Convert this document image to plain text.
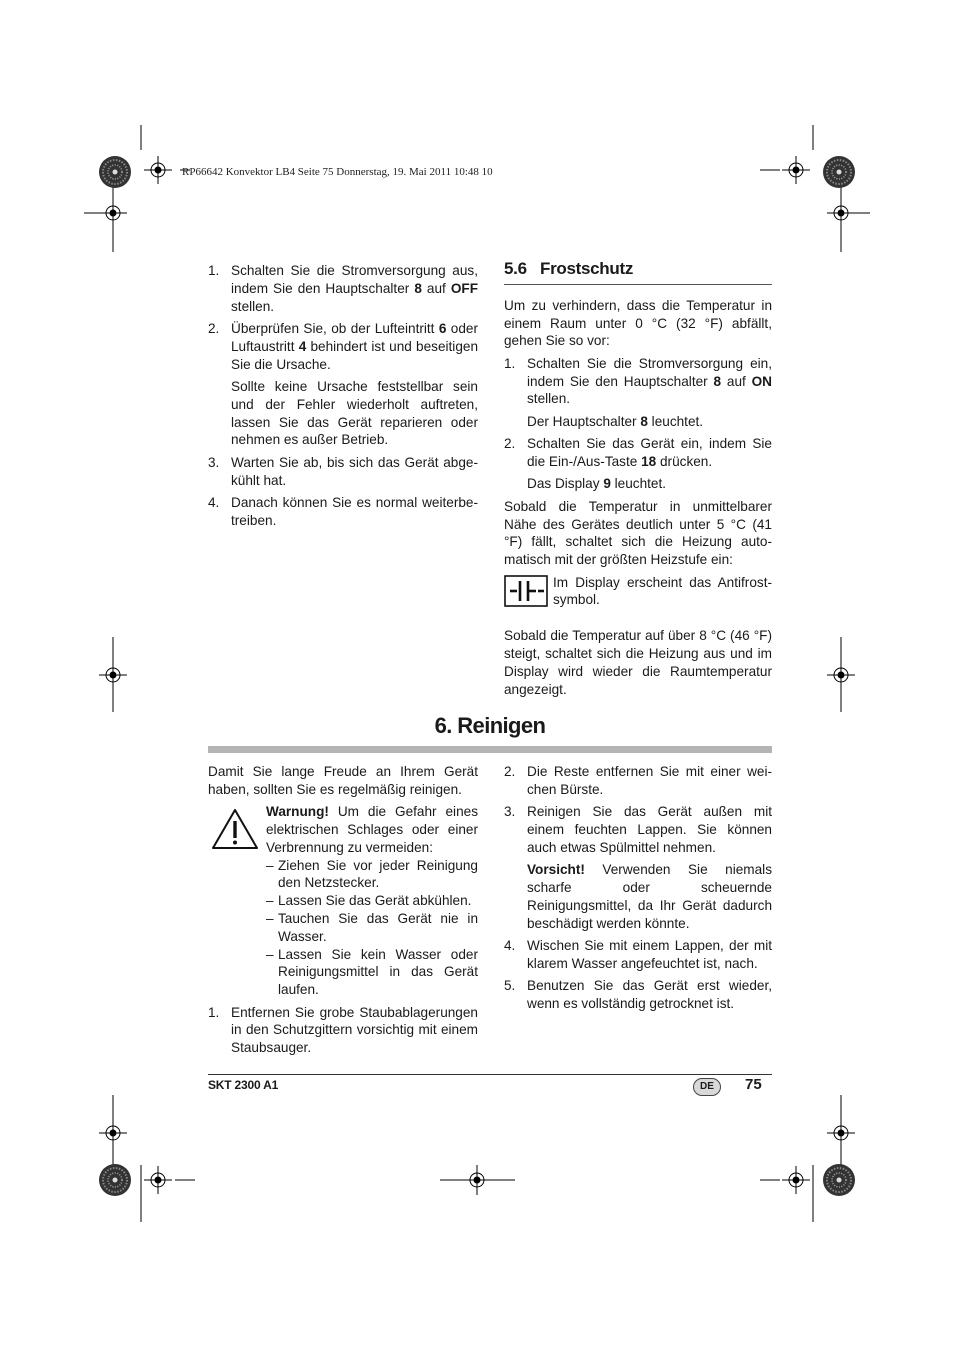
RP66642 Konvektor LB4 Seite 75 Donnerstag, 19. Mai 2011 10:48 10
1. Schalten Sie die Stromversorgung aus, indem Sie den Hauptschalter 8 auf OFF stellen.
2. Überprüfen Sie, ob der Lufteintritt 6 oder Luftaustritt 4 behindert ist und beseitigen Sie die Ursache.
Sollte keine Ursache feststellbar sein und der Fehler wiederholt auftreten, lassen Sie das Gerät reparieren oder nehmen es außer Betrieb.
3. Warten Sie ab, bis sich das Gerät abge-kühlt hat.
4. Danach können Sie es normal weiterbe-treiben.
5.6 Frostschutz

Um zu verhindern, dass die Temperatur in einem Raum unter 0 °C (32 °F) abfällt, gehen Sie so vor:

1. Schalten Sie die Stromversorgung ein, indem Sie den Hauptschalter 8 auf ON stellen.
Der Hauptschalter 8 leuchtet.
2. Schalten Sie das Gerät ein, indem Sie die Ein-/Aus-Taste 18 drücken.
Das Display 9 leuchtet.

Sobald die Temperatur in unmittelbarer Nähe des Gerätes deutlich unter 5 °C (41 °F) fällt, schaltet sich die Heizung auto-matisch mit der größten Heizstufe ein:

Im Display erscheint das Antifrost-symbol.

Sobald die Temperatur auf über 8 °C (46 °F) steigt, schaltet sich die Heizung aus und im Display wird wieder die Raumtemperatur angezeigt.

6. Reinigen

Damit Sie lange Freude an Ihrem Gerät haben, sollten Sie es regelmäßig reinigen.

Warnung! Um die Gefahr eines elektrischen Schlages oder einer Verbrennung zu vermeiden:
– Ziehen Sie vor jeder Reinigung den Netzstecker.
– Lassen Sie das Gerät abkühlen.
– Tauchen Sie das Gerät nie in Wasser.
– Lassen Sie kein Wasser oder Reinigungsmittel in das Gerät laufen.
1. Entfernen Sie grobe Staubablagerungen in den Schutzgittern vorsichtig mit einem Staubsauger.
2. Die Reste entfernen Sie mit einer wei-chen Bürste.
3. Reinigen Sie das Gerät außen mit einem feuchten Lappen. Sie können auch etwas Spülmittel nehmen.
Vorsicht! Verwenden Sie niemals scharfe oder scheuernde Reinigungsmittel, da Ihr Gerät dadurch beschädigt werden könnte.
4. Wischen Sie mit einem Lappen, der mit klarem Wasser angefeuchtet ist, nach.
5. Benutzen Sie das Gerät erst wieder, wenn es vollständig getrocknet ist.
SKT 2300 A1	DE	75
